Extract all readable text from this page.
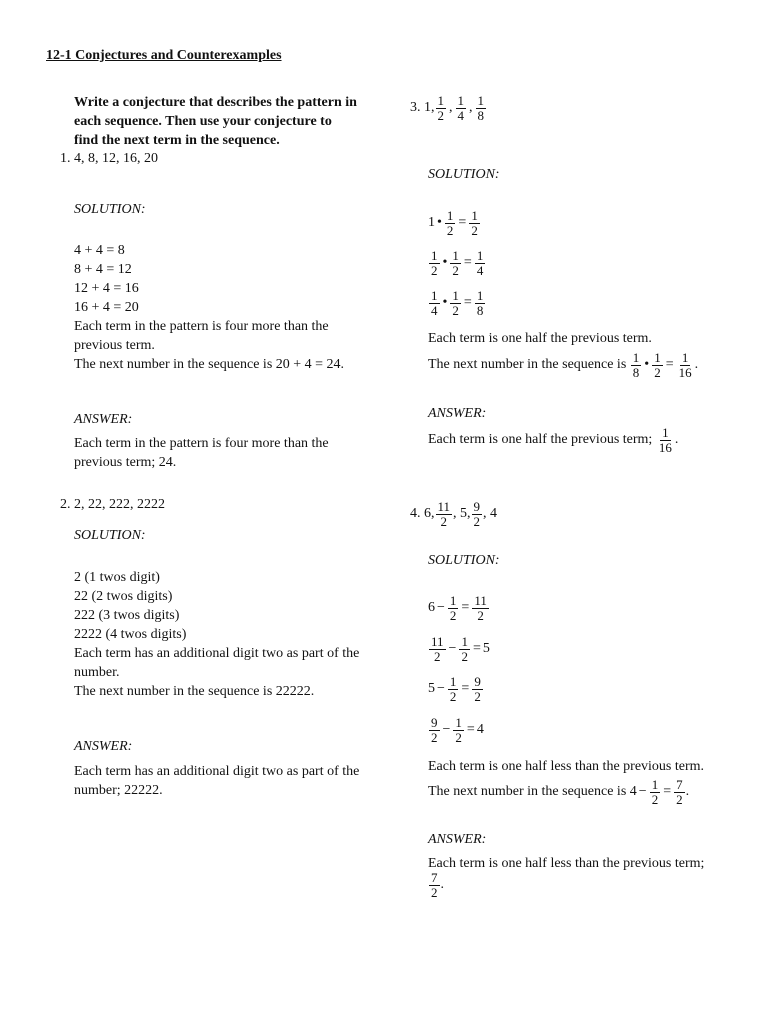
12-1 Conjectures and Counterexamples
Write a conjecture that describes the pattern in
each sequence. Then use your conjecture to
find the next term in the sequence.
1. 4, 8, 12, 16, 20
SOLUTION:
4 + 4 = 8
8 + 4 = 12
12 + 4 = 16
16 + 4 = 20
Each term in the pattern is four more than the
previous term.
The next number in the sequence is 20 + 4 = 24.
ANSWER:
Each term in the pattern is four more than the
previous term; 24.
2. 2, 22, 222, 2222
SOLUTION:
2 (1 twos digit)
22 (2 twos digits)
222 (3 twos digits)
2222 (4 twos digits)
Each term has an additional digit two as part of the
number.
The next number in the sequence is 22222.
ANSWER:
Each term has an additional digit two as part of the
number; 22222.
3. 1, $\frac{1}{2}$ , $\frac{1}{4}$ , $\frac{1}{8}$
SOLUTION:
1 • $\frac{1}{2} = \frac{1}{2}$
$\frac{1}{2}$ • $\frac{1}{2} = \frac{1}{4}$
$\frac{1}{4}$ • $\frac{1}{2} = \frac{1}{8}$
Each term is one half the previous term.
The next number in the sequence is
$\frac{1}{8}$ • $\frac{1}{2} = \frac{1}{16}$ .
ANSWER:
Each term is one half the previous term;
$\frac{1}{16}$ .
4. 6, $\frac{11}{2}$ , 5, $\frac{9}{2}$ , 4
SOLUTION:
$6 - \frac{1}{2} = \frac{11}{2}$
$\frac{11}{2} - \frac{1}{2} = 5$
$5 - \frac{1}{2} = \frac{9}{2}$
$\frac{9}{2} - \frac{1}{2} = 4$
Each term is one half less than the previous term.
The next number in the sequence is $4 - \frac{1}{2} = \frac{7}{2}$ .
ANSWER:
Each term is one half less than the previous term;
$\frac{7}{2}$ .
